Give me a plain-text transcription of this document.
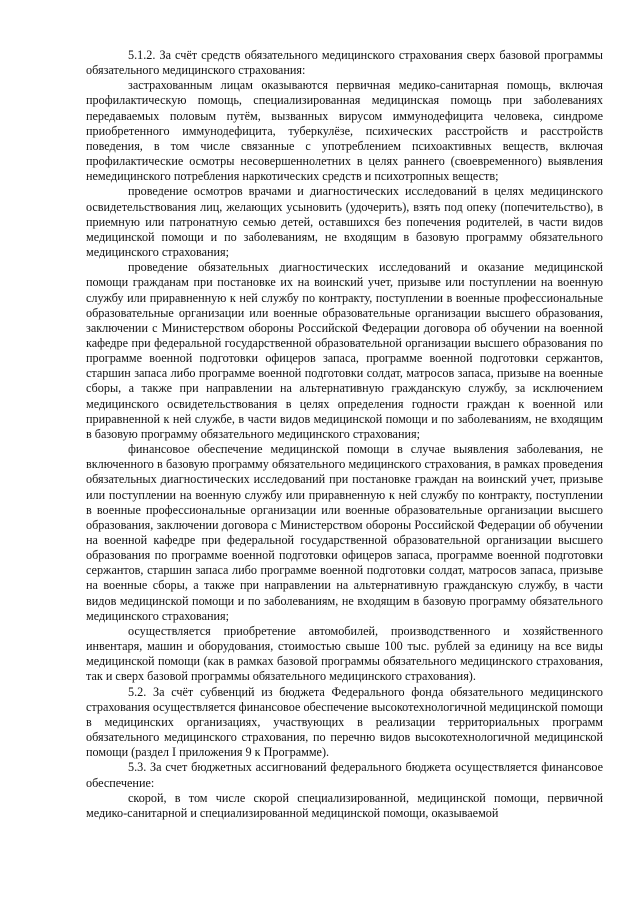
5.1.2. За счёт средств обязательного медицинского страхования сверх базовой программы обязательного медицинского страхования:

застрахованным лицам оказываются первичная медико-санитарная помощь, включая профилактическую помощь, специализированная медицинская помощь при заболеваниях передаваемых половым путём, вызванных вирусом иммунодефицита человека, синдроме приобретенного иммунодефицита, туберкулёзе, психических расстройств и расстройств поведения, в том числе связанные с употреблением психоактивных веществ, включая профилактические осмотры несовершеннолетних в целях раннего (своевременного) выявления немедицинского потребления наркотических средств и психотропных веществ;

проведение осмотров врачами и диагностических исследований в целях медицинского освидетельствования лиц, желающих усыновить (удочерить), взять под опеку (попечительство), в приемную или патронатную семью детей, оставшихся без попечения родителей, в части видов медицинской помощи и по заболеваниям, не входящим в базовую программу обязательного медицинского страхования;

проведение обязательных диагностических исследований и оказание медицинской помощи гражданам при постановке их на воинский учет, призыве или поступлении на военную службу или приравненную к ней службу по контракту, поступлении в военные профессиональные образовательные организации или военные образовательные организации высшего образования, заключении с Министерством обороны Российской Федерации договора об обучении на военной кафедре при федеральной государственной образовательной организации высшего образования по программе военной подготовки офицеров запаса, программе военной подготовки сержантов, старшин запаса либо программе военной подготовки солдат, матросов запаса, призыве на военные сборы, а также при направлении на альтернативную гражданскую службу, за исключением медицинского освидетельствования в целях определения годности граждан к военной или приравненной к ней службе, в части видов медицинской помощи и по заболеваниям, не входящим в базовую программу обязательного медицинского страхования;

финансовое обеспечение медицинской помощи в случае выявления заболевания, не включенного в базовую программу обязательного медицинского страхования, в рамках проведения обязательных диагностических исследований при постановке граждан на воинский учет, призыве или поступлении на военную службу или приравненную к ней службу по контракту, поступлении в военные профессиональные организации или военные образовательные организации высшего образования, заключении договора с Министерством обороны Российской Федерации об обучении на военной кафедре при федеральной государственной образовательной организации высшего образования по программе военной подготовки офицеров запаса, программе военной подготовки сержантов, старшин запаса либо программе военной подготовки солдат, матросов запаса, призыве на военные сборы, а также при направлении на альтернативную гражданскую службу, в части видов медицинской помощи и по заболеваниям, не входящим в базовую программу обязательного медицинского страхования;

осуществляется приобретение автомобилей, производственного и хозяйственного инвентаря, машин и оборудования, стоимостью свыше 100 тыс. рублей за единицу на все виды медицинской помощи (как в рамках базовой программы обязательного медицинского страхования, так и сверх базовой программы обязательного медицинского страхования).

5.2. За счёт субвенций из бюджета Федерального фонда обязательного медицинского страхования осуществляется финансовое обеспечение высокотехнологичной медицинской помощи в медицинских организациях, участвующих в реализации территориальных программ обязательного медицинского страхования, по перечню видов высокотехнологичной медицинской помощи (раздел I приложения 9 к Программе).

5.3. За счет бюджетных ассигнований федерального бюджета осуществляется финансовое обеспечение:

скорой, в том числе скорой специализированной, медицинской помощи, первичной медико-санитарной и специализированной медицинской помощи, оказываемой
